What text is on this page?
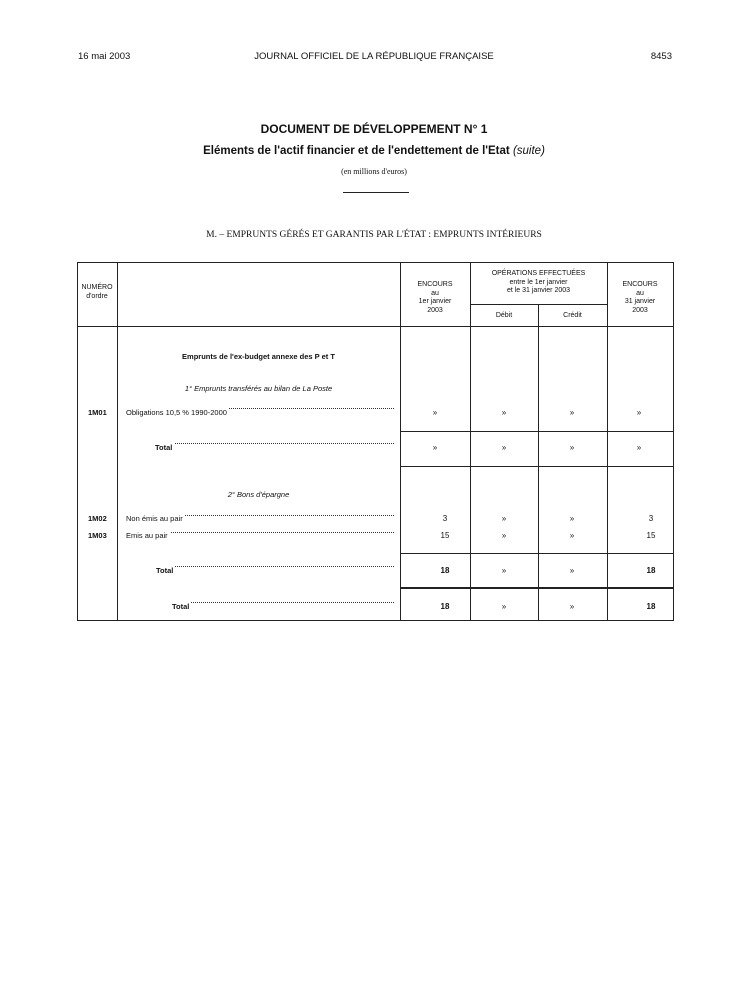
16 mai 2003	JOURNAL OFFICIEL DE LA RÉPUBLIQUE FRANÇAISE	8453
DOCUMENT DE DÉVELOPPEMENT N° 1
Eléments de l'actif financier et de l'endettement de l'Etat (suite)
(en millions d'euros)
M. – EMPRUNTS GÉRÉS ET GARANTIS PAR L'ÉTAT : EMPRUNTS INTÉRIEURS
NUMÉRO
d'ordre
ENCOURS
au
1er janvier
2003
OPÉRATIONS EFFECTUÉES
entre le 1er janvier
et le 31 janvier 2003
Débit	Crédit
ENCOURS
au
31 janvier
2003
Emprunts de l'ex-budget annexe des P et T
1° Emprunts transférés au bilan de La Poste
2° Bons d'épargne
1M01	Obligations 10,5 % 1990-2000	»	»	»	»
Total	»	»	»	»
1M02	Non émis au pair	3	»	»	3
1M03	Emis au pair	15	»	»	15
Total	18	»	»	18
Total	18	»	»	18
